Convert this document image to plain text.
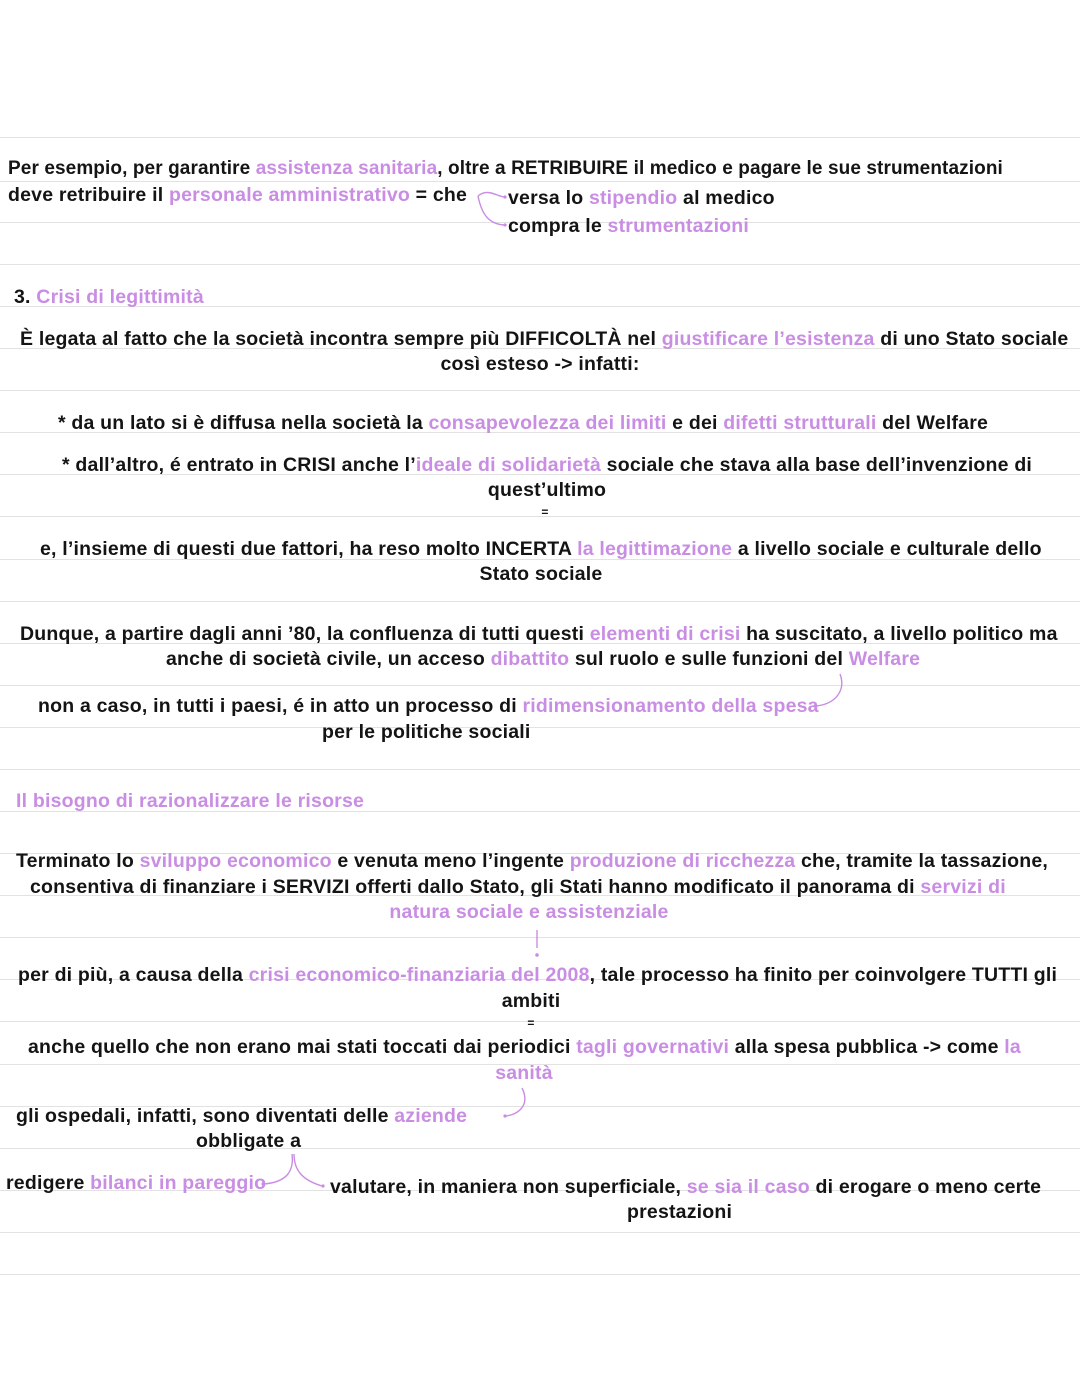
Per esempio, per garantire assistenza sanitaria, oltre a RETRIBUIRE il medico e pagare le sue strumentazioni
deve retribuire il personale amministrativo = che versa lo stipendio al medico
compra le strumentazioni
3. Crisi di legittimità
È legata al fatto che la società incontra sempre più DIFFICOLTÀ nel giustificare l’esistenza di uno Stato sociale
così esteso -> infatti:
* da un lato si è diffusa nella società la consapevolezza dei limiti e dei difetti strutturali del Welfare
* dall’altro, é entrato in CRISI anche l’ideale di solidarietà sociale che stava alla base dell’invenzione di
quest’ultimo
=
e, l’insieme di questi due fattori, ha reso molto INCERTA la legittimazione a livello sociale e culturale dello
Stato sociale
Dunque, a partire dagli anni ’80, la confluenza di tutti questi elementi di crisi ha suscitato, a livello politico ma
anche di società civile, un acceso dibattito sul ruolo e sulle funzioni del Welfare
non a caso, in tutti i paesi, é in atto un processo di ridimensionamento della spesa
per le politiche sociali
Il bisogno di razionalizzare le risorse
Terminato lo sviluppo economico e venuta meno l’ingente produzione di ricchezza che, tramite la tassazione,
consentiva di finanziare i SERVIZI offerti dallo Stato, gli Stati hanno modificato il panorama di servizi di
natura sociale e assistenziale
per di più, a causa della crisi economico-finanziaria del 2008, tale processo ha finito per coinvolgere TUTTI gli
ambiti
=
anche quello che non erano mai stati toccati dai periodici tagli governativi alla spesa pubblica -> come la
sanità
gli ospedali, infatti, sono diventati delle aziende
obbligate a
redigere bilanci in pareggio	valutare, in maniera non superficiale, se sia il caso di erogare o meno certe
prestazioni
